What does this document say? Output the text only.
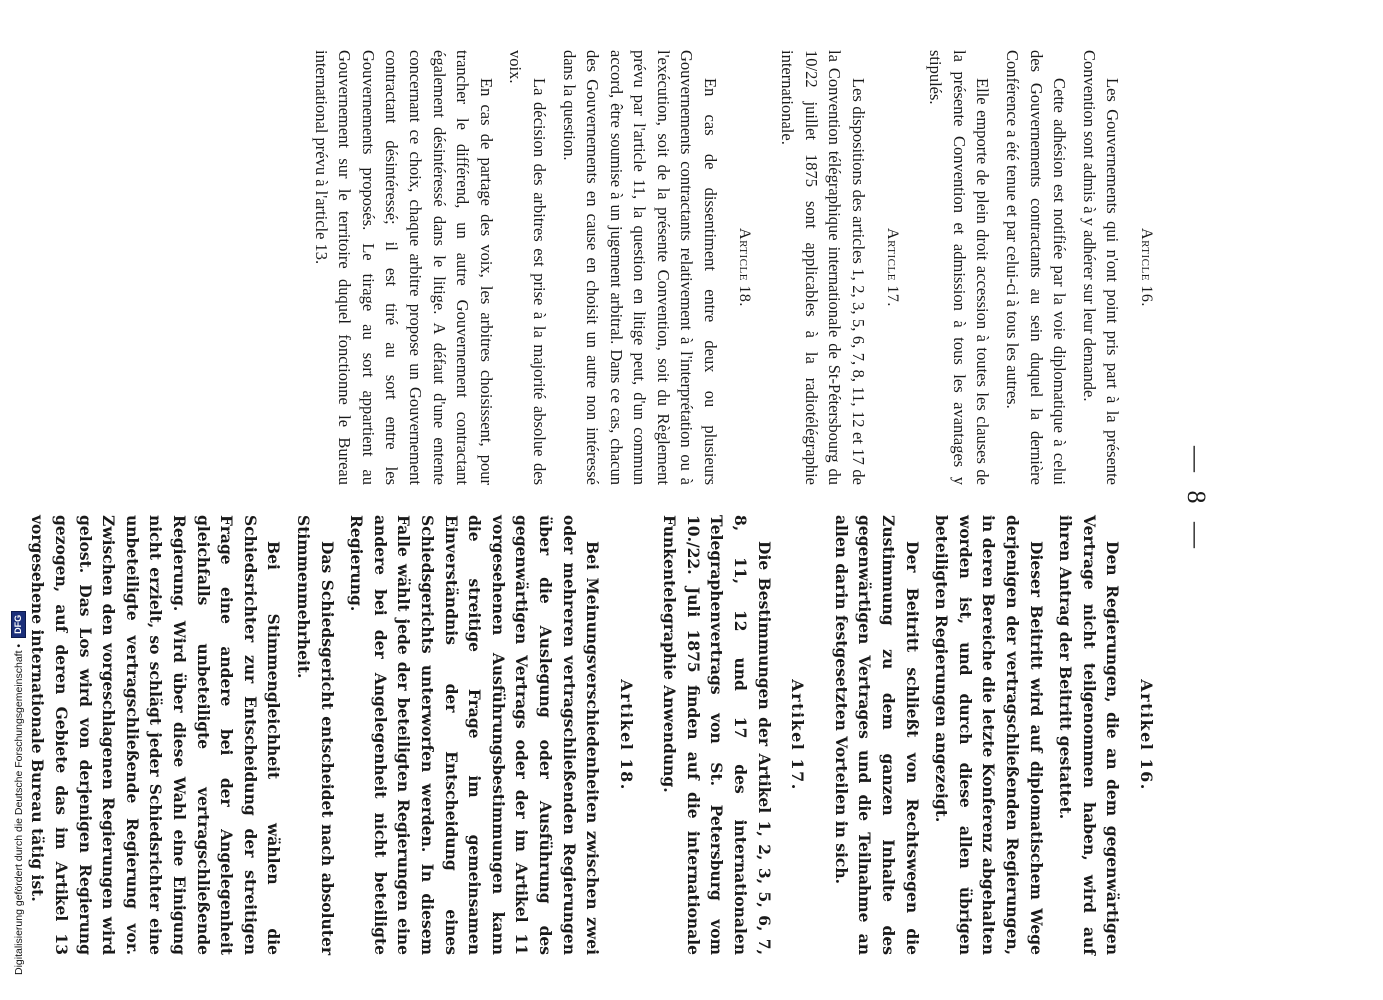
Digitalisierung gefördert durch die Deutsche Forschungsgemeinschaft
•
DFG
— 8 —
Article 16.

Les Gouvernements qui n'ont point pris part à la présente Convention sont admis à y adhérer sur leur demande.

Cette adhésion est notifiée par la voie diplomatique à celui des Gouvernements contractants au sein duquel la dernière Conférence a été tenue et par celui-ci à tous les autres.

Elle emporte de plein droit accession à toutes les clauses de la présente Convention et admission à tous les avantages y stipulés.

Article 17.

Les dispositions des articles 1, 2, 3, 5, 6, 7, 8, 11, 12 et 17 de la Convention télégraphique internationale de St-Pétersbourg du 10/22 juillet 1875 sont applicables à la radiotélégraphie internationale.

Article 18.

En cas de dissentiment entre deux ou plusieurs Gouvernements contractants relativement à l'interprétation ou à l'exécution, soit de la présente Convention, soit du Règlement prévu par l'article 11, la question en litige peut, d'un commun accord, être soumise à un jugement arbitral. Dans ce cas, chacun des Gouvernements en cause en choisit un autre non intéressé dans la question.

La décision des arbitres est prise à la majorité absolue des voix.

En cas de partage des voix, les arbitres choisissent, pour trancher le différend, un autre Gouvernement contractant également désintéressé dans le litige. A défaut d'une entente concernant ce choix, chaque arbitre propose un Gouvernement contractant désintéressé; il est tiré au sort entre les Gouvernements proposés. Le tirage au sort appartient au Gouvernement sur le territoire duquel fonctionne le Bureau international prévu à l'article 13.

Artikel 16.

Den Regierungen, die an dem gegenwärtigen Vertrage nicht teilgenommen haben, wird auf ihren Antrag der Beitritt gestattet.

Dieser Beitritt wird auf diplomatischem Wege derjenigen der vertragschließenden Regierungen, in deren Bereiche die letzte Konferenz abgehalten worden ist, und durch diese allen übrigen beteiligten Regierungen angezeigt.

Der Beitritt schließt von Rechtswegen die Zustimmung zu dem ganzen Inhalte des gegenwärtigen Vertrages und die Teilnahme an allen darin festgesetzten Vorteilen in sich.

Artikel 17.

Die Bestimmungen der Artikel 1, 2, 3, 5, 6, 7, 8, 11, 12 und 17 des internationalen Telegraphenvertrags von St. Petersburg vom 10./22. Juli 1875 finden auf die internationale Funkentelegraphie Anwendung.

Artikel 18.

Bei Meinungsverschiedenheiten zwischen zwei oder mehreren vertragschließenden Regierungen über die Auslegung oder Ausführung des gegenwärtigen Vertrags oder der im Artikel 11 vorgesehenen Ausführungsbestimmungen kann die streitige Frage im gemeinsamen Einverständnis der Entscheidung eines Schiedsgerichts unterworfen werden. In diesem Falle wählt jede der beteiligten Regierungen eine andere bei der Angelegenheit nicht beteiligte Regierung.

Das Schiedsgericht entscheidet nach absoluter Stimmenmehrheit.

Bei Stimmengleichheit wählen die Schiedsrichter zur Entscheidung der streitigen Frage eine andere bei der Angelegenheit gleichfalls unbeteiligte vertragschließende Regierung. Wird über diese Wahl eine Einigung nicht erzielt, so schlägt jeder Schiedsrichter eine unbeteiligte vertragschließende Regierung vor. Zwischen den vorgeschlagenen Regierungen wird gelost. Das Los wird von derjenigen Regierung gezogen, auf deren Gebiete das im Artikel 13 vorgesehene internationale Bureau tätig ist.
